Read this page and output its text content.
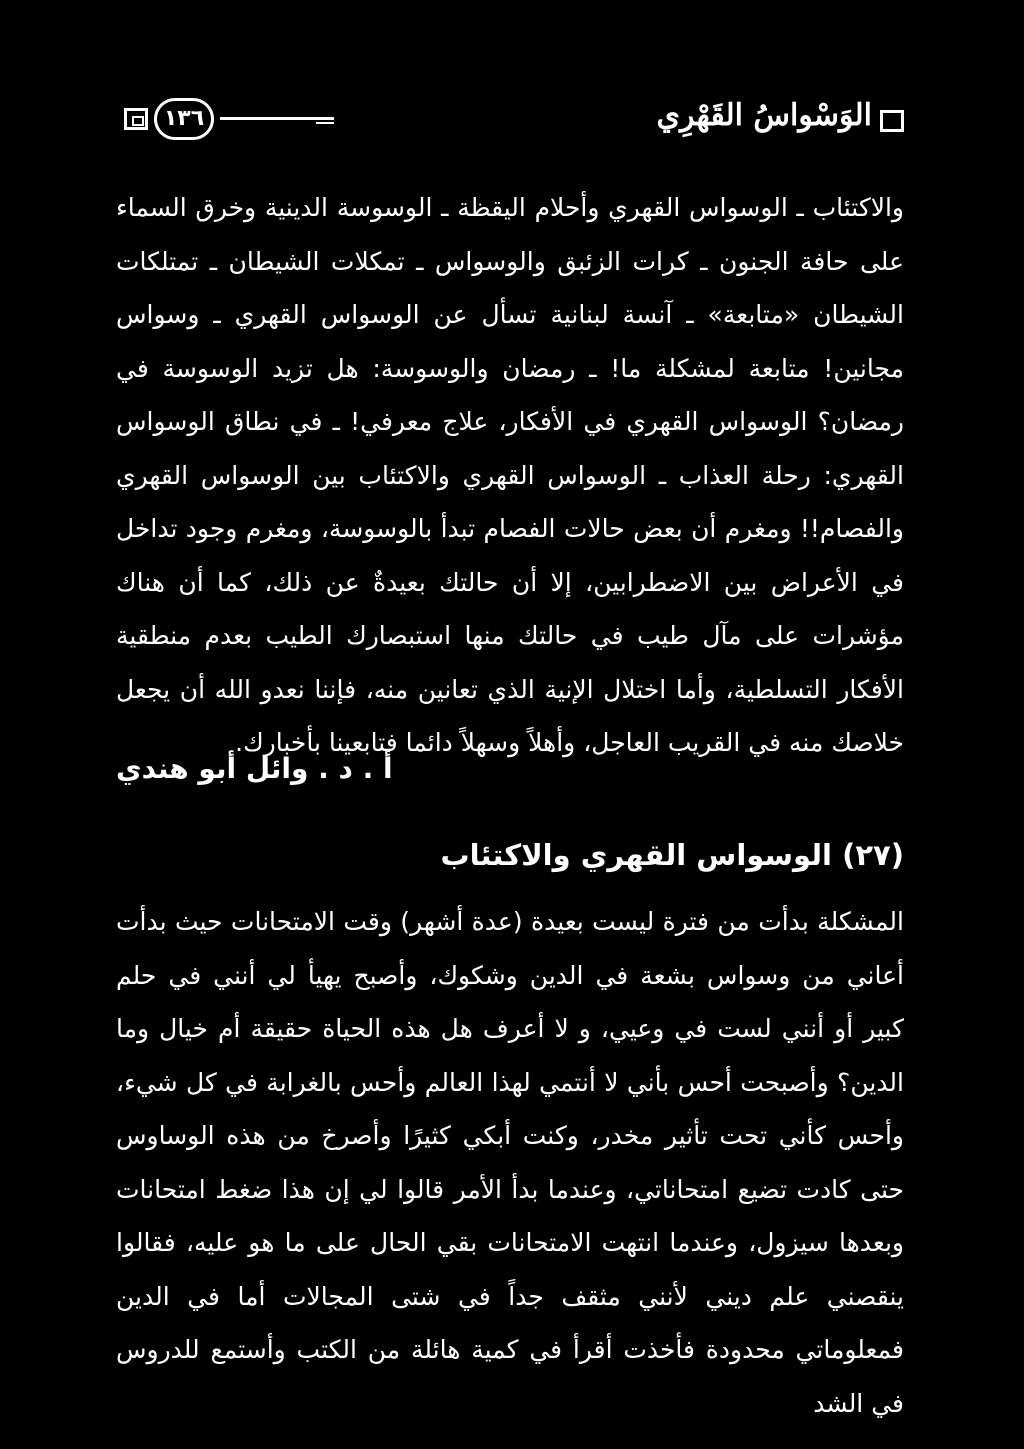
١٣٦	الوَسْواسُ القَهْرِي
والاكتئاب ـ الوسواس القهري وأحلام اليقظة ـ الوسوسة الدينية وخرق السماء على حافة الجنون ـ كرات الزئبق والوسواس ـ تمكلات الشيطان ـ تمتلكات الشيطان «متابعة» ـ آنسة لبنانية تسأل عن الوسواس القهري ـ وسواس مجانين! متابعة لمشكلة ما! ـ رمضان والوسوسة: هل تزيد الوسوسة في رمضان؟ الوسواس القهري في الأفكار، علاج معرفي! ـ في نطاق الوسواس القهري: رحلة العذاب ـ الوسواس القهري والاكتئاب بين الوسواس القهري والفصام!! ومغرم أن بعض حالات الفصام تبدأ بالوسوسة، ومغرم وجود تداخل في الأعراض بين الاضطرابين، إلا أن حالتك بعيدةٌ عن ذلك، كما أن هناك مؤشرات على مآل طيب في حالتك منها استبصارك الطيب بعدم منطقية الأفكار التسلطية، وأما اختلال الإنية الذي تعانين منه، فإننا نعدو الله أن يجعل خلاصك منه في القريب العاجل، وأهلاً وسهلاً دائما فتابعينا بأخبارك.
أ . د . وائل أبو هندي
(٢٧) الوسواس القهري والاكتئاب
المشكلة بدأت من فترة ليست بعيدة (عدة أشهر) وقت الامتحانات حيث بدأت أعاني من وسواس بشعة في الدين وشكوك، وأصبح يهيأ لي أنني في حلم كبير أو أنني لست في وعيي، و لا أعرف هل هذه الحياة حقيقة أم خيال وما الدين؟ وأصبحت أحس بأني لا أنتمي لهذا العالم وأحس بالغرابة في كل شيء، وأحس كأني تحت تأثير مخدر، وكنت أبكي كثيرًا وأصرخ من هذه الوساوس حتى كادت تضيع امتحاناتي، وعندما بدأ الأمر قالوا لي إن هذا ضغط امتحانات وبعدها سيزول، وعندما انتهت الامتحانات بقي الحال على ما هو عليه، فقالوا ينقصني علم ديني لأنني مثقف جداً في شتى المجالات أما في الدين فمعلوماتي محدودة فأخذت أقرأ في كمية هائلة من الكتب وأستمع للدروس في الشد
